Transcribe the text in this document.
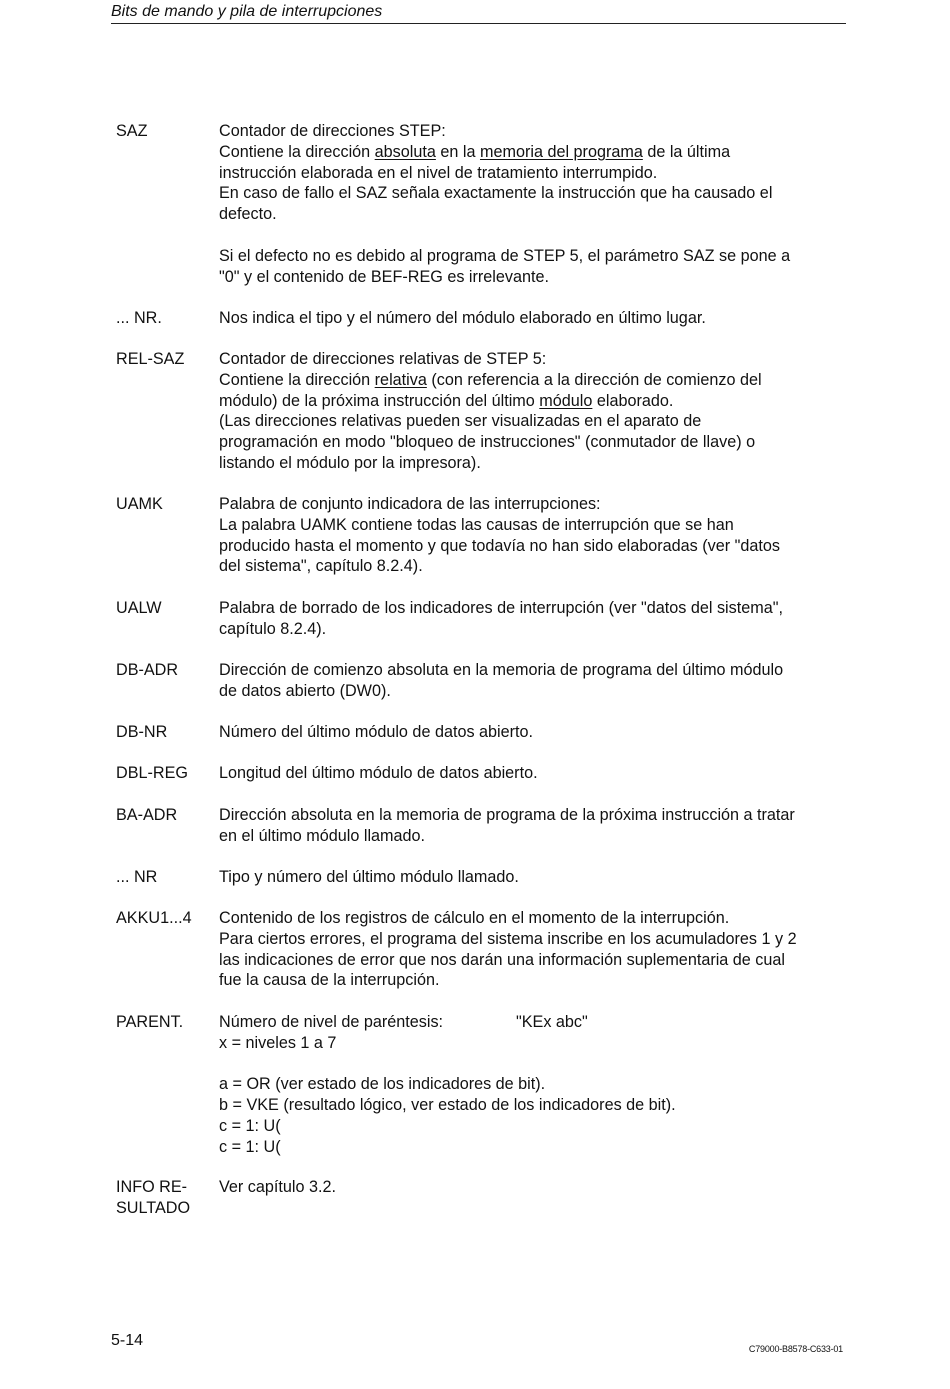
Bits de mando y pila de interrupciones
SAZ	Contador de direcciones STEP:

Contiene la dirección absoluta en la memoria del programa de la última

instrucción elaborada en el nivel de tratamiento interrumpido.

En caso de fallo el SAZ señala exactamente la instrucción que ha causado el

defecto.

Si el defecto no es debido al programa de STEP 5, el parámetro SAZ se pone a

"0" y el contenido de BEF-REG es irrelevante.

... NR.	Nos indica el tipo y el número del módulo elaborado en último lugar.

REL-SAZ	Contador de direcciones relativas de STEP 5:

Contiene la dirección relativa (con referencia a la dirección de comienzo del

módulo) de la próxima instrucción del último módulo elaborado.

(Las direcciones relativas pueden ser visualizadas en el aparato de

programación en modo "bloqueo de instrucciones" (conmutador de llave) o

listando el módulo por la impresora).

UAMK	Palabra de conjunto indicadora de las interrupciones:

La palabra UAMK contiene todas las causas de interrupción que se han

producido hasta el momento y que todavía no han sido elaboradas (ver "datos

del sistema", capítulo 8.2.4).

UALW	Palabra de borrado de los indicadores de interrupción (ver "datos del sistema",

capítulo 8.2.4).

DB-ADR	Dirección de comienzo absoluta en la memoria de programa del último módulo

de datos abierto (DW0).

DB-NR	Número del último módulo de datos abierto.

DBL-REG	Longitud del último módulo de datos abierto.

BA-ADR	Dirección absoluta en la memoria de programa de la próxima instrucción a tratar

en el último módulo llamado.

... NR	Tipo y número del último módulo llamado.

AKKU1...4	Contenido de los registros de cálculo en el momento de la interrupción.

Para ciertos errores, el programa del sistema inscribe en los acumuladores 1 y 2

las indicaciones de error que nos darán una información suplementaria de cual

fue la causa de la interrupción.

PARENT.	Número de nivel de paréntesis:	"KEx abc"

x = niveles 1 a 7

a = OR (ver estado de los indicadores de bit).

b = VKE (resultado lógico, ver estado de los indicadores de bit).

c = 1: U(

c = 1: U(

INFO RE-
SULTADO

Ver capítulo 3.2.

5-14	C79000-B8578-C633-01
